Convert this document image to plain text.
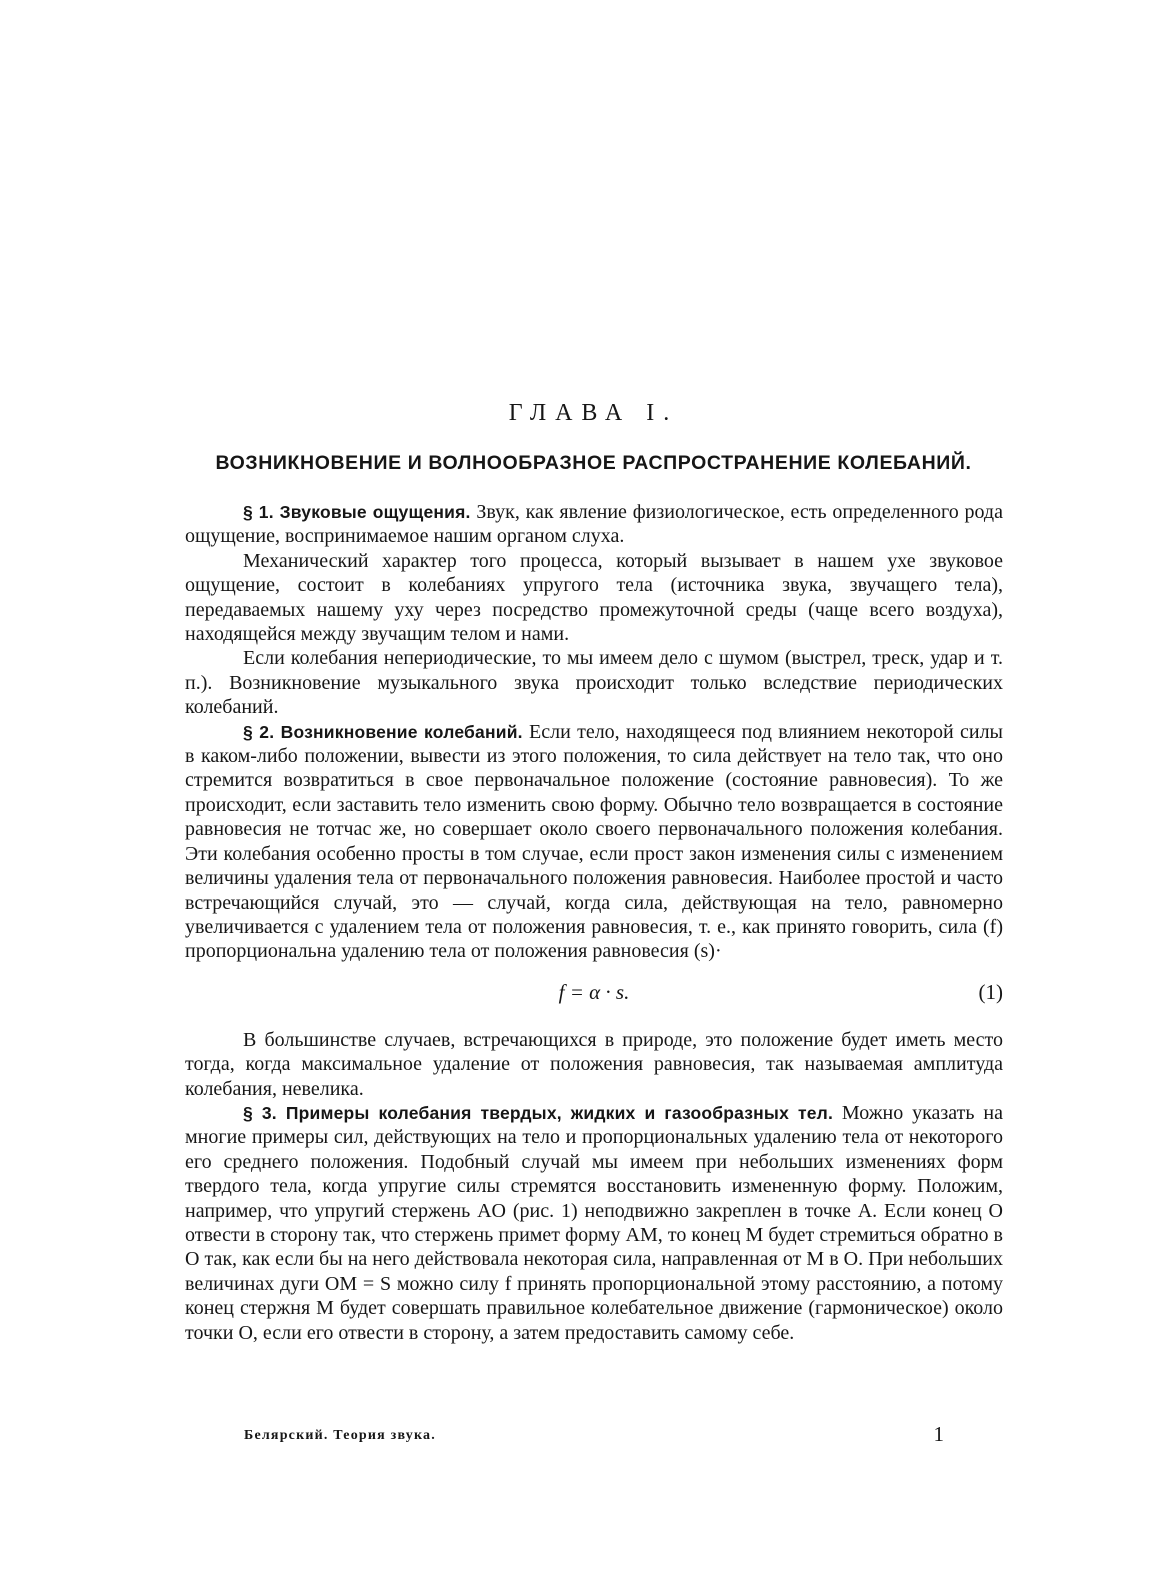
ГЛАВА I.
ВОЗНИКНОВЕНИЕ И ВОЛНООБРАЗНОЕ РАСПРОСТРАНЕНИЕ КОЛЕБАНИЙ.

§ 1. Звуковые ощущения. Звук, как явление физиологическое, есть определенного рода ощущение, воспринимаемое нашим органом слуха.

Механический характер того процесса, который вызывает в нашем ухе звуковое ощущение, состоит в колебаниях упругого тела (источника звука, звучащего тела), передаваемых нашему уху через посредство промежуточной среды (чаще всего воздуха), находящейся между звучащим телом и нами.

Если колебания непериодические, то мы имеем дело с шумом (выстрел, треск, удар и т. п.). Возникновение музыкального звука происходит только вследствие периодических колебаний.

§ 2. Возникновение колебаний. Если тело, находящееся под влиянием некоторой силы в каком-либо положении, вывести из этого положения, то сила действует на тело так, что оно стремится возвратиться в свое первоначальное положение (состояние равновесия). То же происходит, если заставить тело изменить свою форму. Обычно тело возвращается в состояние равновесия не тотчас же, но совершает около своего первоначального положения колебания. Эти колебания особенно просты в том случае, если прост закон изменения силы с изменением величины удаления тела от первоначального положения равновесия. Наиболее простой и часто встречающийся случай, это — случай, когда сила, действующая на тело, равномерно увеличивается с удалением тела от положения равновесия, т. е., как принято говорить, сила (f) пропорциональна удалению тела от положения равновесия (s)·

f = α · s.	(1)

В большинстве случаев, встречающихся в природе, это положение будет иметь место тогда, когда максимальное удаление от положения равновесия, так называемая амплитуда колебания, невелика.

§ 3. Примеры колебания твердых, жидких и газообразных тел. Можно указать на многие примеры сил, действующих на тело и пропорциональных удалению тела от некоторого его среднего положения. Подобный случай мы имеем при небольших изменениях форм твердого тела, когда упругие силы стремятся восстановить измененную форму. Положим, например, что упругий стержень AO (рис. 1) неподвижно закреплен в точке A. Если конец O отвести в сторону так, что стержень примет форму AM, то конец M будет стремиться обратно в O так, как если бы на него действовала некоторая сила, направленная от M в O. При небольших величинах дуги OM = S можно силу f принять пропорциональной этому расстоянию, а потому конец стержня M будет совершать правильное колебательное движение (гармоническое) около точки O, если его отвести в сторону, а затем предоставить самому себе.

Белярский. Теория звука.	1
